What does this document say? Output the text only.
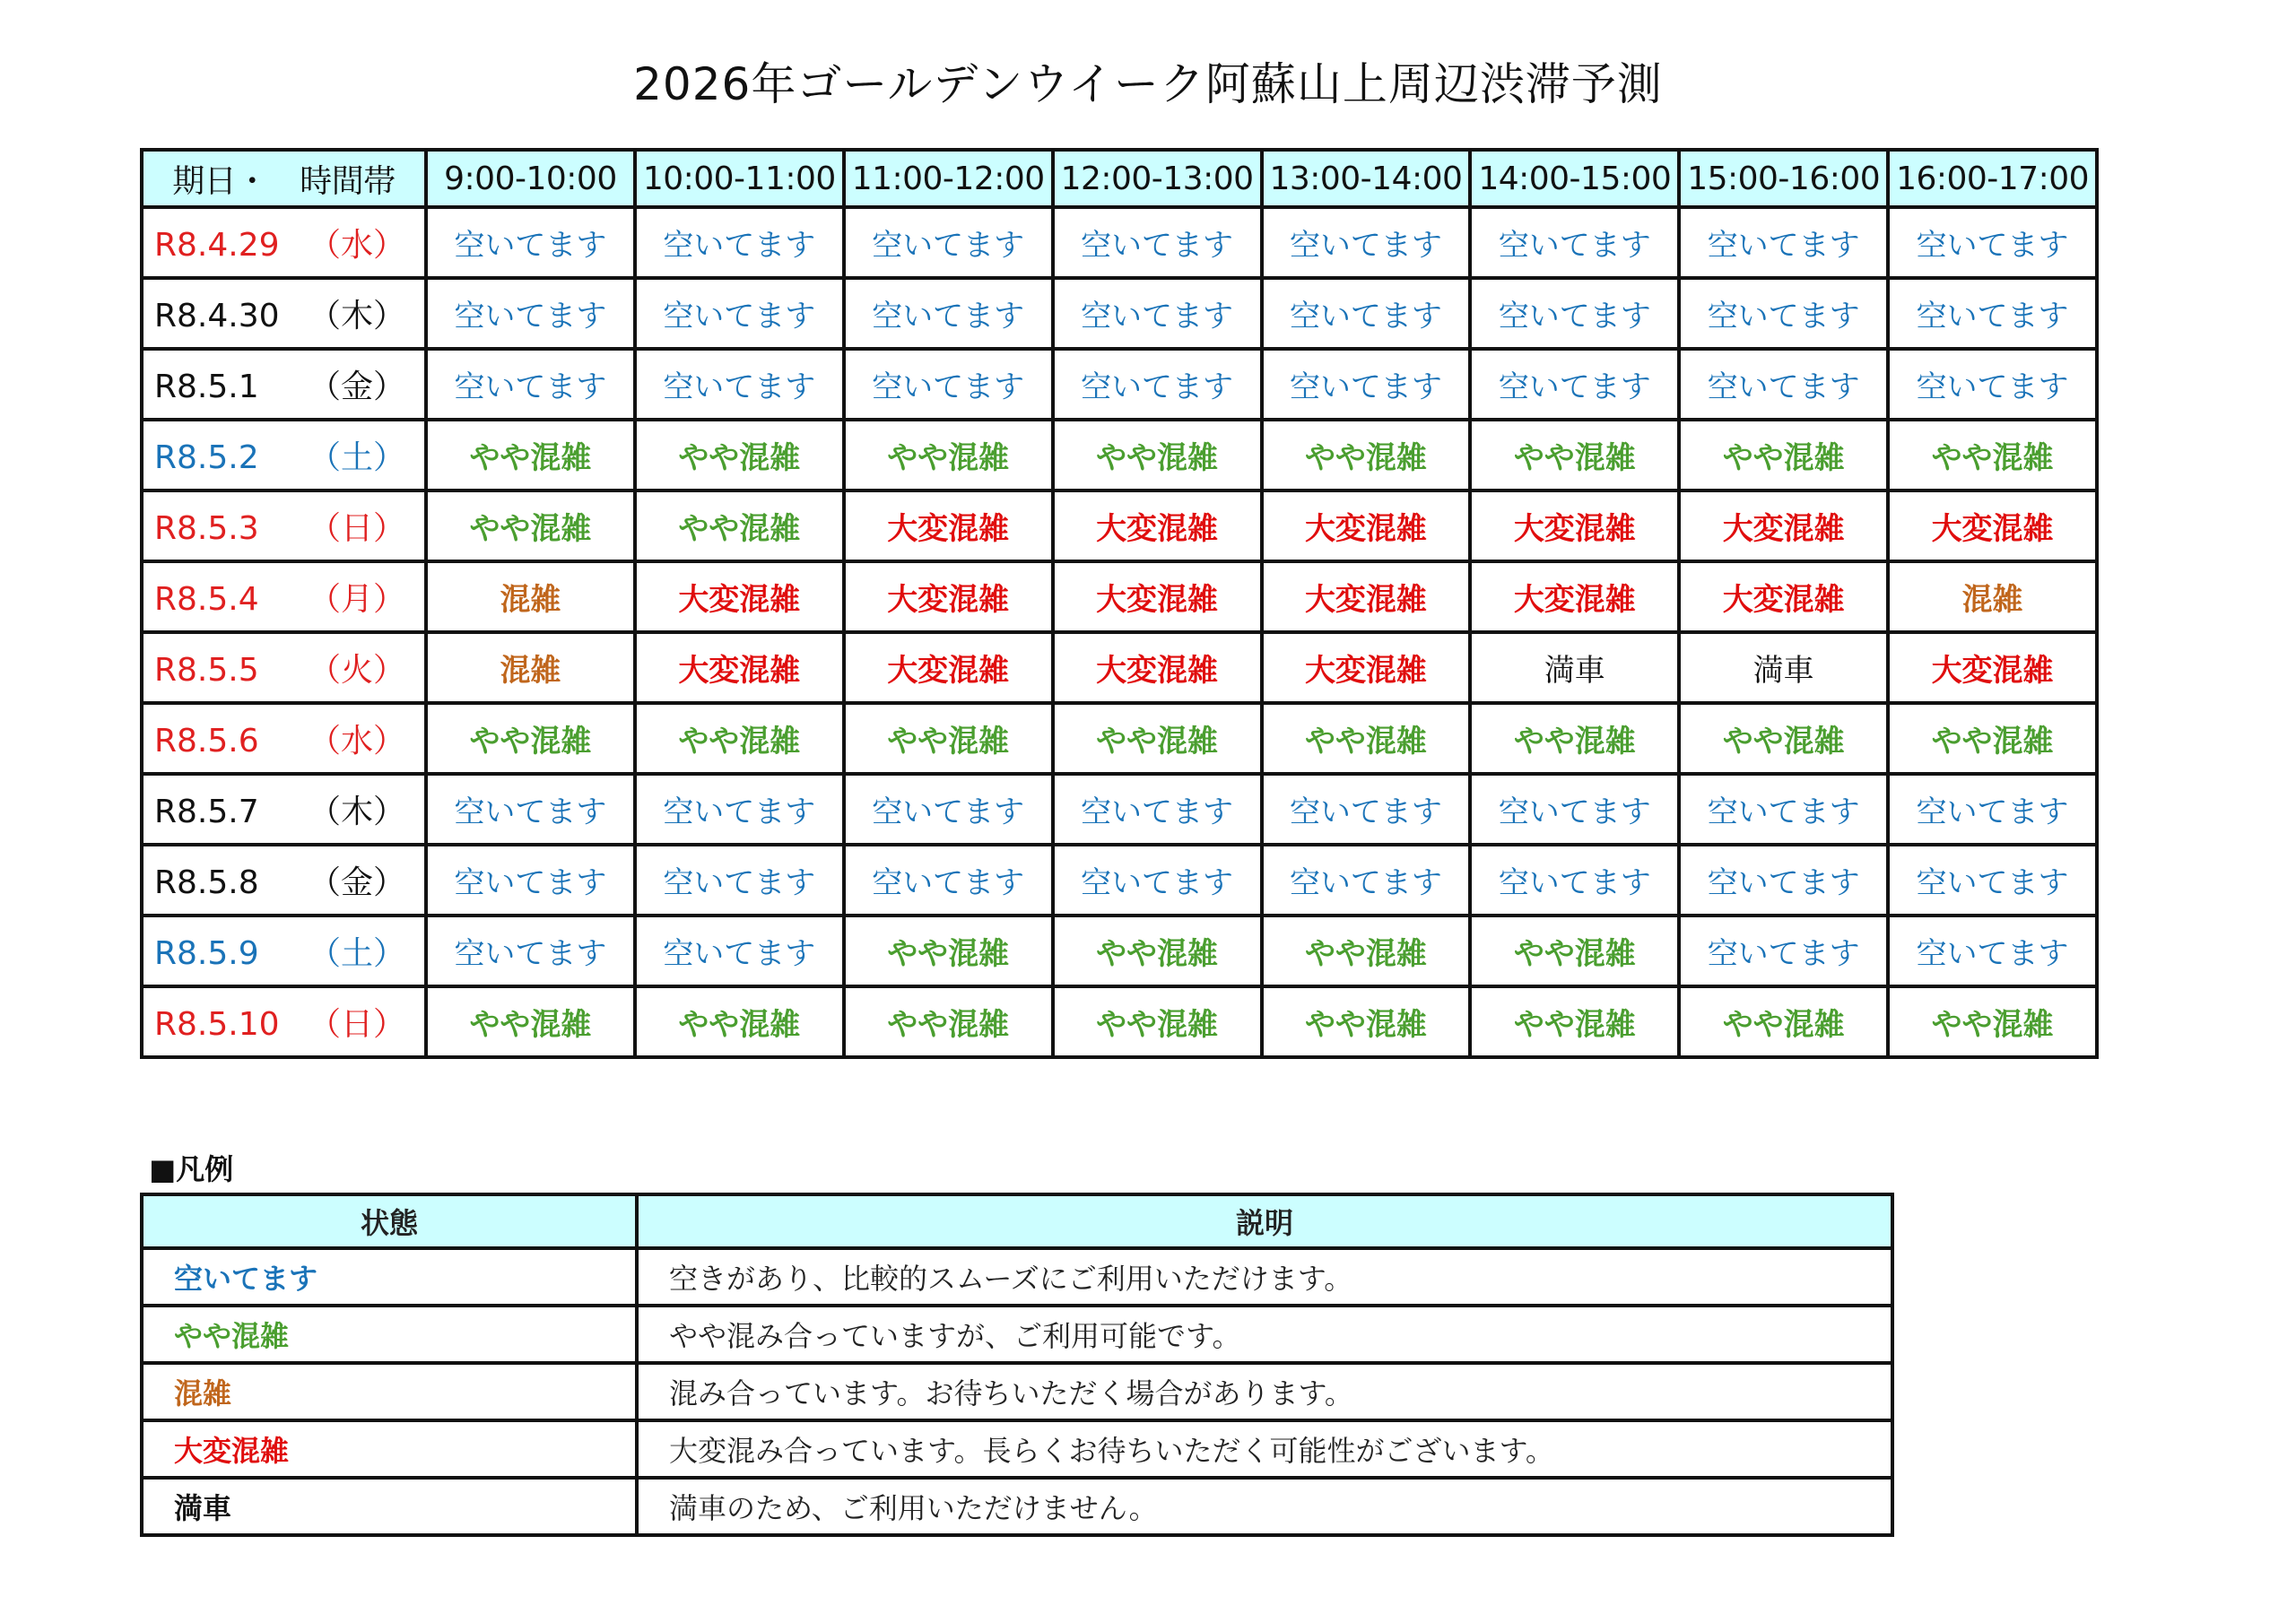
2026年ゴールデンウイーク阿蘇山上周辺渋滞予測
期日・　時間帯	9:00-10:00	10:00-11:00	11:00-12:00	12:00-13:00	13:00-14:00	14:00-15:00	15:00-16:00	16:00-17:00
R8.4.29 （水）	空いてます	空いてます	空いてます	空いてます	空いてます	空いてます	空いてます	空いてます
R8.4.30 （木）	空いてます	空いてます	空いてます	空いてます	空いてます	空いてます	空いてます	空いてます
R8.5.1 （金）	空いてます	空いてます	空いてます	空いてます	空いてます	空いてます	空いてます	空いてます
R8.5.2 （土）	やや混雑	やや混雑	やや混雑	やや混雑	やや混雑	やや混雑	やや混雑	やや混雑
R8.5.3 （日）	やや混雑	やや混雑	大変混雑	大変混雑	大変混雑	大変混雑	大変混雑	大変混雑
R8.5.4 （月）	混雑	大変混雑	大変混雑	大変混雑	大変混雑	大変混雑	大変混雑	混雑
R8.5.5 （火）	混雑	大変混雑	大変混雑	大変混雑	大変混雑	満車	満車	大変混雑
R8.5.6 （水）	やや混雑	やや混雑	やや混雑	やや混雑	やや混雑	やや混雑	やや混雑	やや混雑
R8.5.7 （木）	空いてます	空いてます	空いてます	空いてます	空いてます	空いてます	空いてます	空いてます
R8.5.8 （金）	空いてます	空いてます	空いてます	空いてます	空いてます	空いてます	空いてます	空いてます
R8.5.9 （土）	空いてます	空いてます	やや混雑	やや混雑	やや混雑	やや混雑	空いてます	空いてます
R8.5.10 （日）	やや混雑	やや混雑	やや混雑	やや混雑	やや混雑	やや混雑	やや混雑	やや混雑
■凡例
状態	説明
空いてます	空きがあり、比較的スムーズにご利用いただけます。
やや混雑	やや混み合っていますが、ご利用可能です。
混雑	混み合っています。お待ちいただく場合があります。
大変混雑	大変混み合っています。長らくお待ちいただく可能性がございます。
満車	満車のため、ご利用いただけません。
